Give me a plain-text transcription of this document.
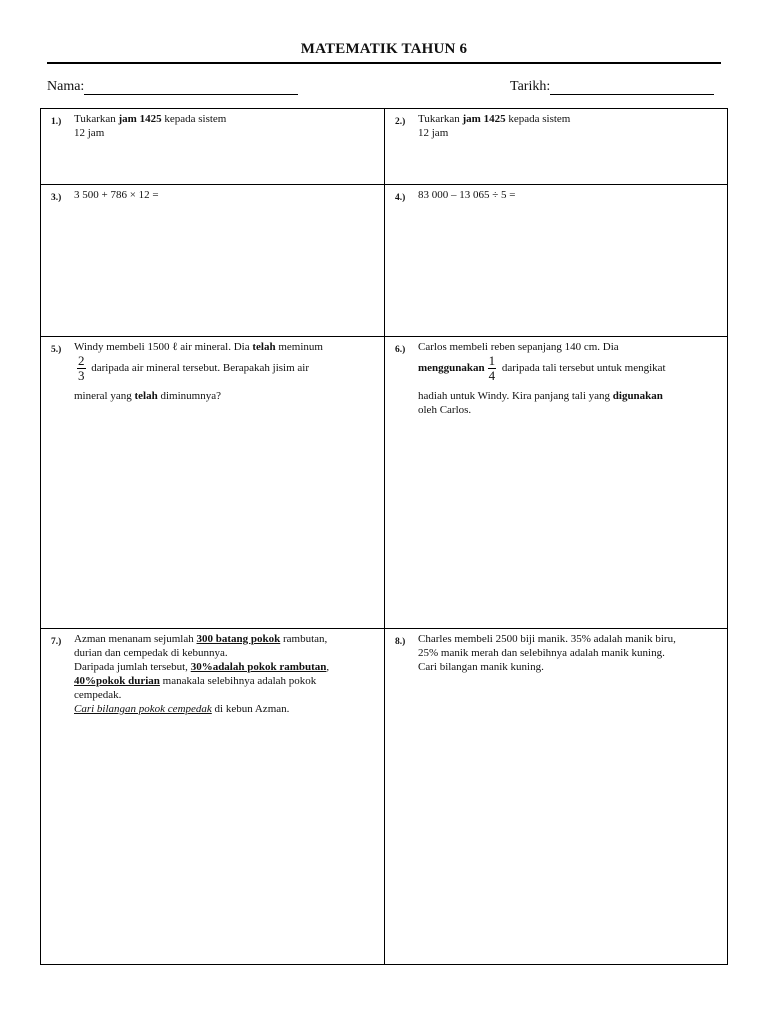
MATEMATIK TAHUN 6
Nama:	Tarikh:
1.) Tukarkan jam 1425 kepada sistem
12 jam
2.) Tukarkan jam 1425 kepada sistem
12 jam
3.) 3 500 + 786 × 12 =	4.) 83 000 – 13 065 ÷ 5 =
5.) Windy membeli 1500 ℓ air mineral. Dia telah meminum

$\frac{2}{3}$ daripada air mineral tersebut. Berapakah jisim air

mineral yang telah diminumnya?
6.) Carlos membeli reben sepanjang 140 cm. Dia
menggunakan $\frac{1}{4}$ daripada tali tersebut untuk mengikat

hadiah untuk Windy. Kira panjang tali yang digunakan
oleh Carlos.
7.) Azman menanam sejumlah 300 batang pokok rambutan,
durian dan cempedak di kebunnya.
Daripada jumlah tersebut, 30%adalah pokok rambutan,
40%pokok durian manakala selebihnya adalah pokok
cempedak.
Cari bilangan pokok cempedak di kebun Azman.
8.) Charles membeli 2500 biji manik. 35% adalah manik biru,
25% manik merah dan selebihnya adalah manik kuning.
Cari bilangan manik kuning.
